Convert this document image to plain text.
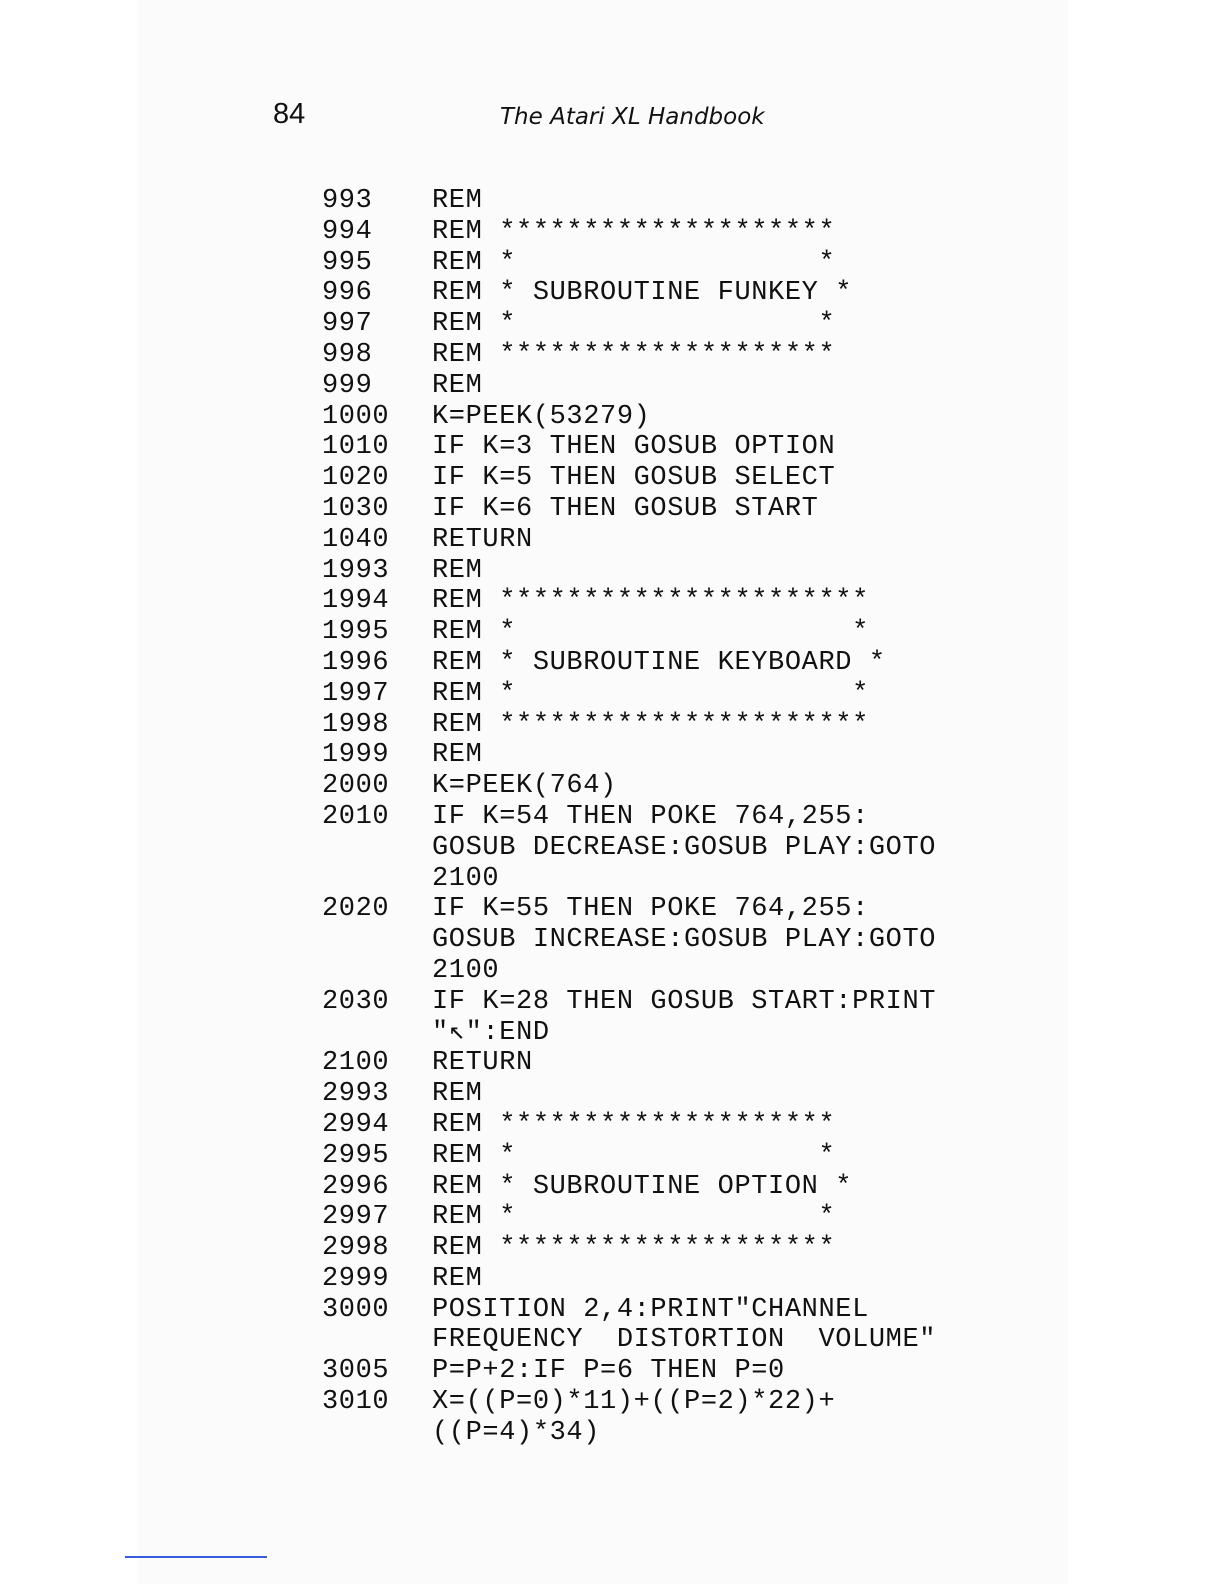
84	The Atari XL Handbook
993	REM
994	REM ********************
995	REM *                  *
996	REM * SUBROUTINE FUNKEY *
997	REM *                  *
998	REM ********************
999	REM
1000	K=PEEK(53279)
1010	IF K=3 THEN GOSUB OPTION
1020	IF K=5 THEN GOSUB SELECT
1030	IF K=6 THEN GOSUB START
1040	RETURN
1993	REM
1994	REM **********************
1995	REM *                    *
1996	REM * SUBROUTINE KEYBOARD *
1997	REM *                    *
1998	REM **********************
1999	REM
2000	K=PEEK(764)
2010	IF K=54 THEN POKE 764,255:
GOSUB DECREASE:GOSUB PLAY:GOTO
2100
2020	IF K=55 THEN POKE 764,255:
GOSUB INCREASE:GOSUB PLAY:GOTO
2100
2030	IF K=28 THEN GOSUB START:PRINT
"↖":END
2100	RETURN
2993	REM
2994	REM ********************
2995	REM *                  *
2996	REM * SUBROUTINE OPTION *
2997	REM *                  *
2998	REM ********************
2999	REM
3000	POSITION 2,4:PRINT"CHANNEL
FREQUENCY  DISTORTION  VOLUME"
3005	P=P+2:IF P=6 THEN P=0
3010	X=((P=0)*11)+((P=2)*22)+
((P=4)*34)
